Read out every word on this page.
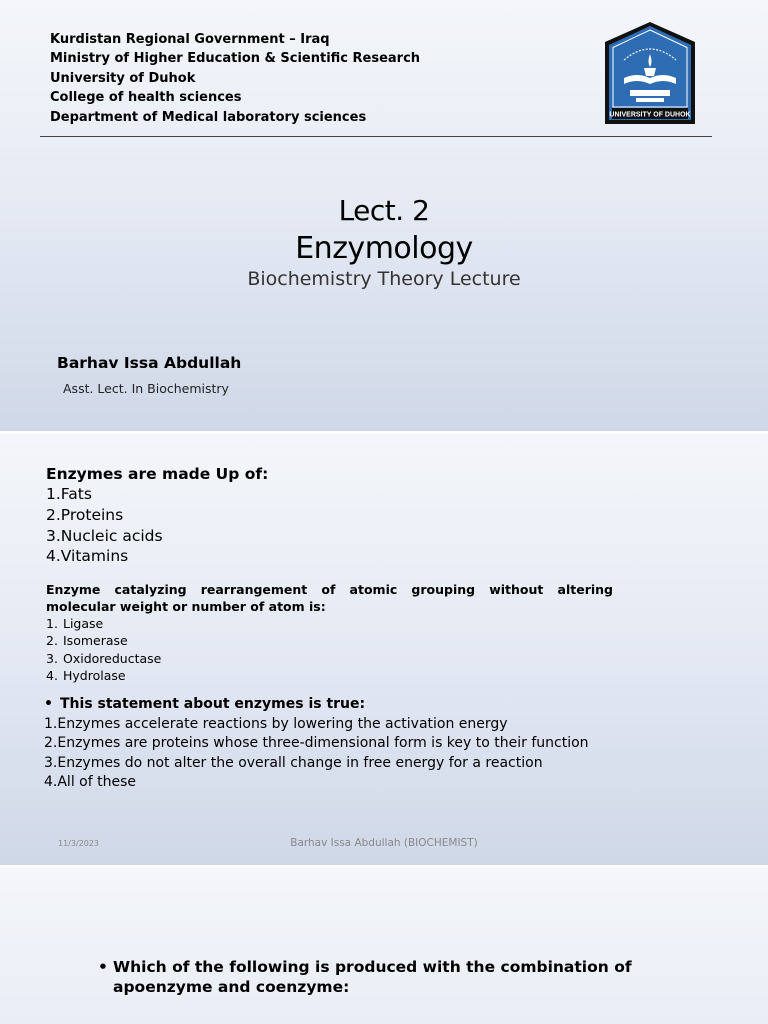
Kurdistan Regional Government – Iraq
Ministry of Higher Education & Scientific Research
University of Duhok
College of health sciences
Department of Medical laboratory sciences	UNIVERSITY OF DUHOK
Lect. 2
Enzymology
Biochemistry Theory Lecture
Barhav Issa Abdullah
Asst. Lect. In Biochemistry
Enzymes are made Up of:
1.Fats
2.Proteins
3.Nucleic acids
4.Vitamins
Enzyme catalyzing rearrangement of atomic grouping without altering molecular weight or number of atom is:
1. Ligase
2. Isomerase
3. Oxidoreductase
4. Hydrolase
• This statement about enzymes is true:
1.Enzymes accelerate reactions by lowering the activation energy
2.Enzymes are proteins whose three-dimensional form is key to their function
3.Enzymes do not alter the overall change in free energy for a reaction
4.All of these
11/3/2023	Barhav Issa Abdullah (BIOCHEMIST)
• Which of the following is produced with the combination of
apoenzyme and coenzyme:
